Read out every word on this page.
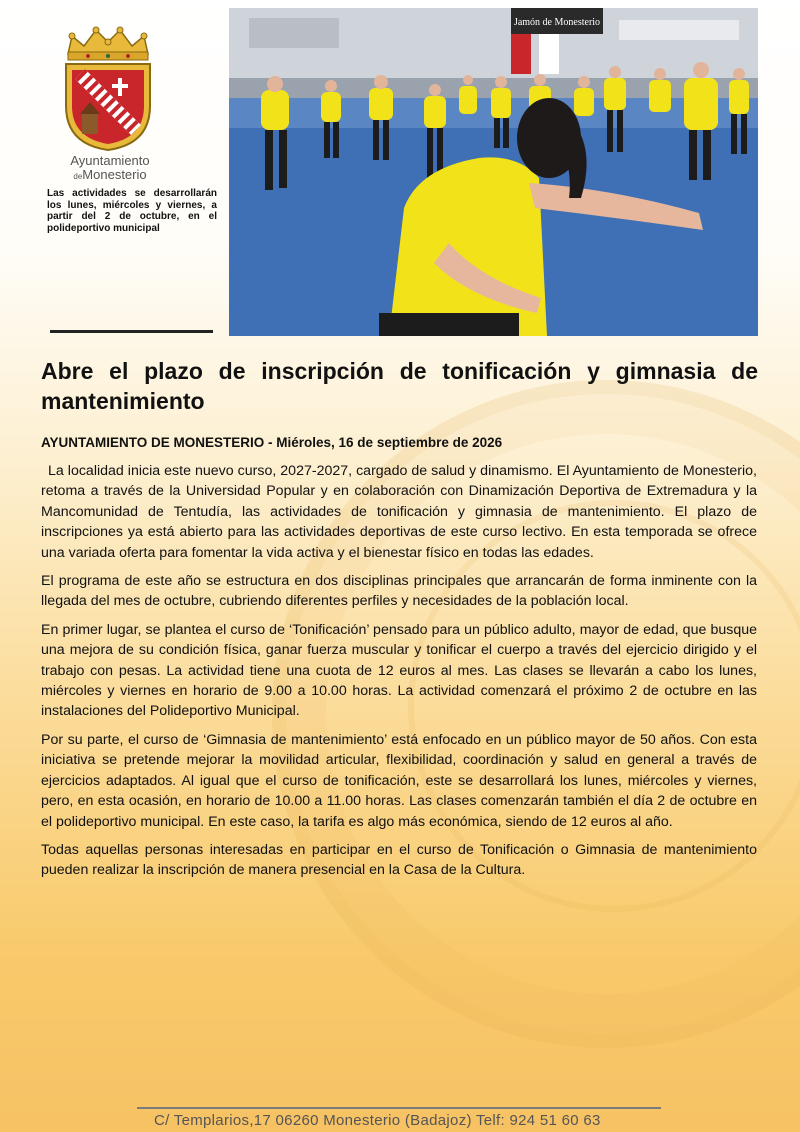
Ayuntamiento
deMonesterio
Las actividades se desarrollarán los lunes, miércoles y viernes, a partir del 2 de octubre, en el polideportivo municipal
Jamón de Monesterio
Abre el plazo de inscripción de tonificación y gimnasia de mantenimiento
AYUNTAMIENTO DE MONESTERIO - Miéroles, 16 de septiembre de 2026

La localidad inicia este nuevo curso, 2027-2027, cargado de salud y dinamismo. El Ayuntamiento de Monesterio, retoma a través de la Universidad Popular y en colaboración con Dinamización Deportiva de Extremadura y la Mancomunidad de Tentudía, las actividades de tonificación y gimnasia de mantenimiento. El plazo de inscripciones ya está abierto para las actividades deportivas de este curso lectivo. En esta temporada se ofrece una variada oferta para fomentar la vida activa y el bienestar físico en todas las edades.

El programa de este año se estructura en dos disciplinas principales que arrancarán de forma inminente con la llegada del mes de octubre, cubriendo diferentes perfiles y necesidades de la población local.

En primer lugar, se plantea el curso de ‘Tonificación’ pensado para un público adulto, mayor de edad, que busque una mejora de su condición física, ganar fuerza muscular y tonificar el cuerpo a través del ejercicio dirigido y el trabajo con pesas. La actividad tiene una cuota de 12 euros al mes. Las clases se llevarán a cabo los lunes, miércoles y viernes en horario de 9.00 a 10.00 horas. La actividad comenzará el próximo 2 de octubre en las instalaciones del Polideportivo Municipal.

Por su parte, el curso de ‘Gimnasia de mantenimiento’ está enfocado en un público mayor de 50 años. Con esta iniciativa se pretende mejorar la movilidad articular, flexibilidad, coordinación y salud en general a través de ejercicios adaptados. Al igual que el curso de tonificación, este se desarrollará los lunes, miércoles y viernes, pero, en esta ocasión, en horario de 10.00 a 11.00 horas. Las clases comenzarán también el día 2 de octubre en el polideportivo municipal. En este caso, la tarifa es algo más económica, siendo de 12 euros al año.

Todas aquellas personas interesadas en participar en el curso de Tonificación o Gimnasia de mantenimiento pueden realizar la inscripción de manera presencial en la Casa de la Cultura.

C/ Templarios,17 06260 Monesterio (Badajoz) Telf: 924 51 60 63
